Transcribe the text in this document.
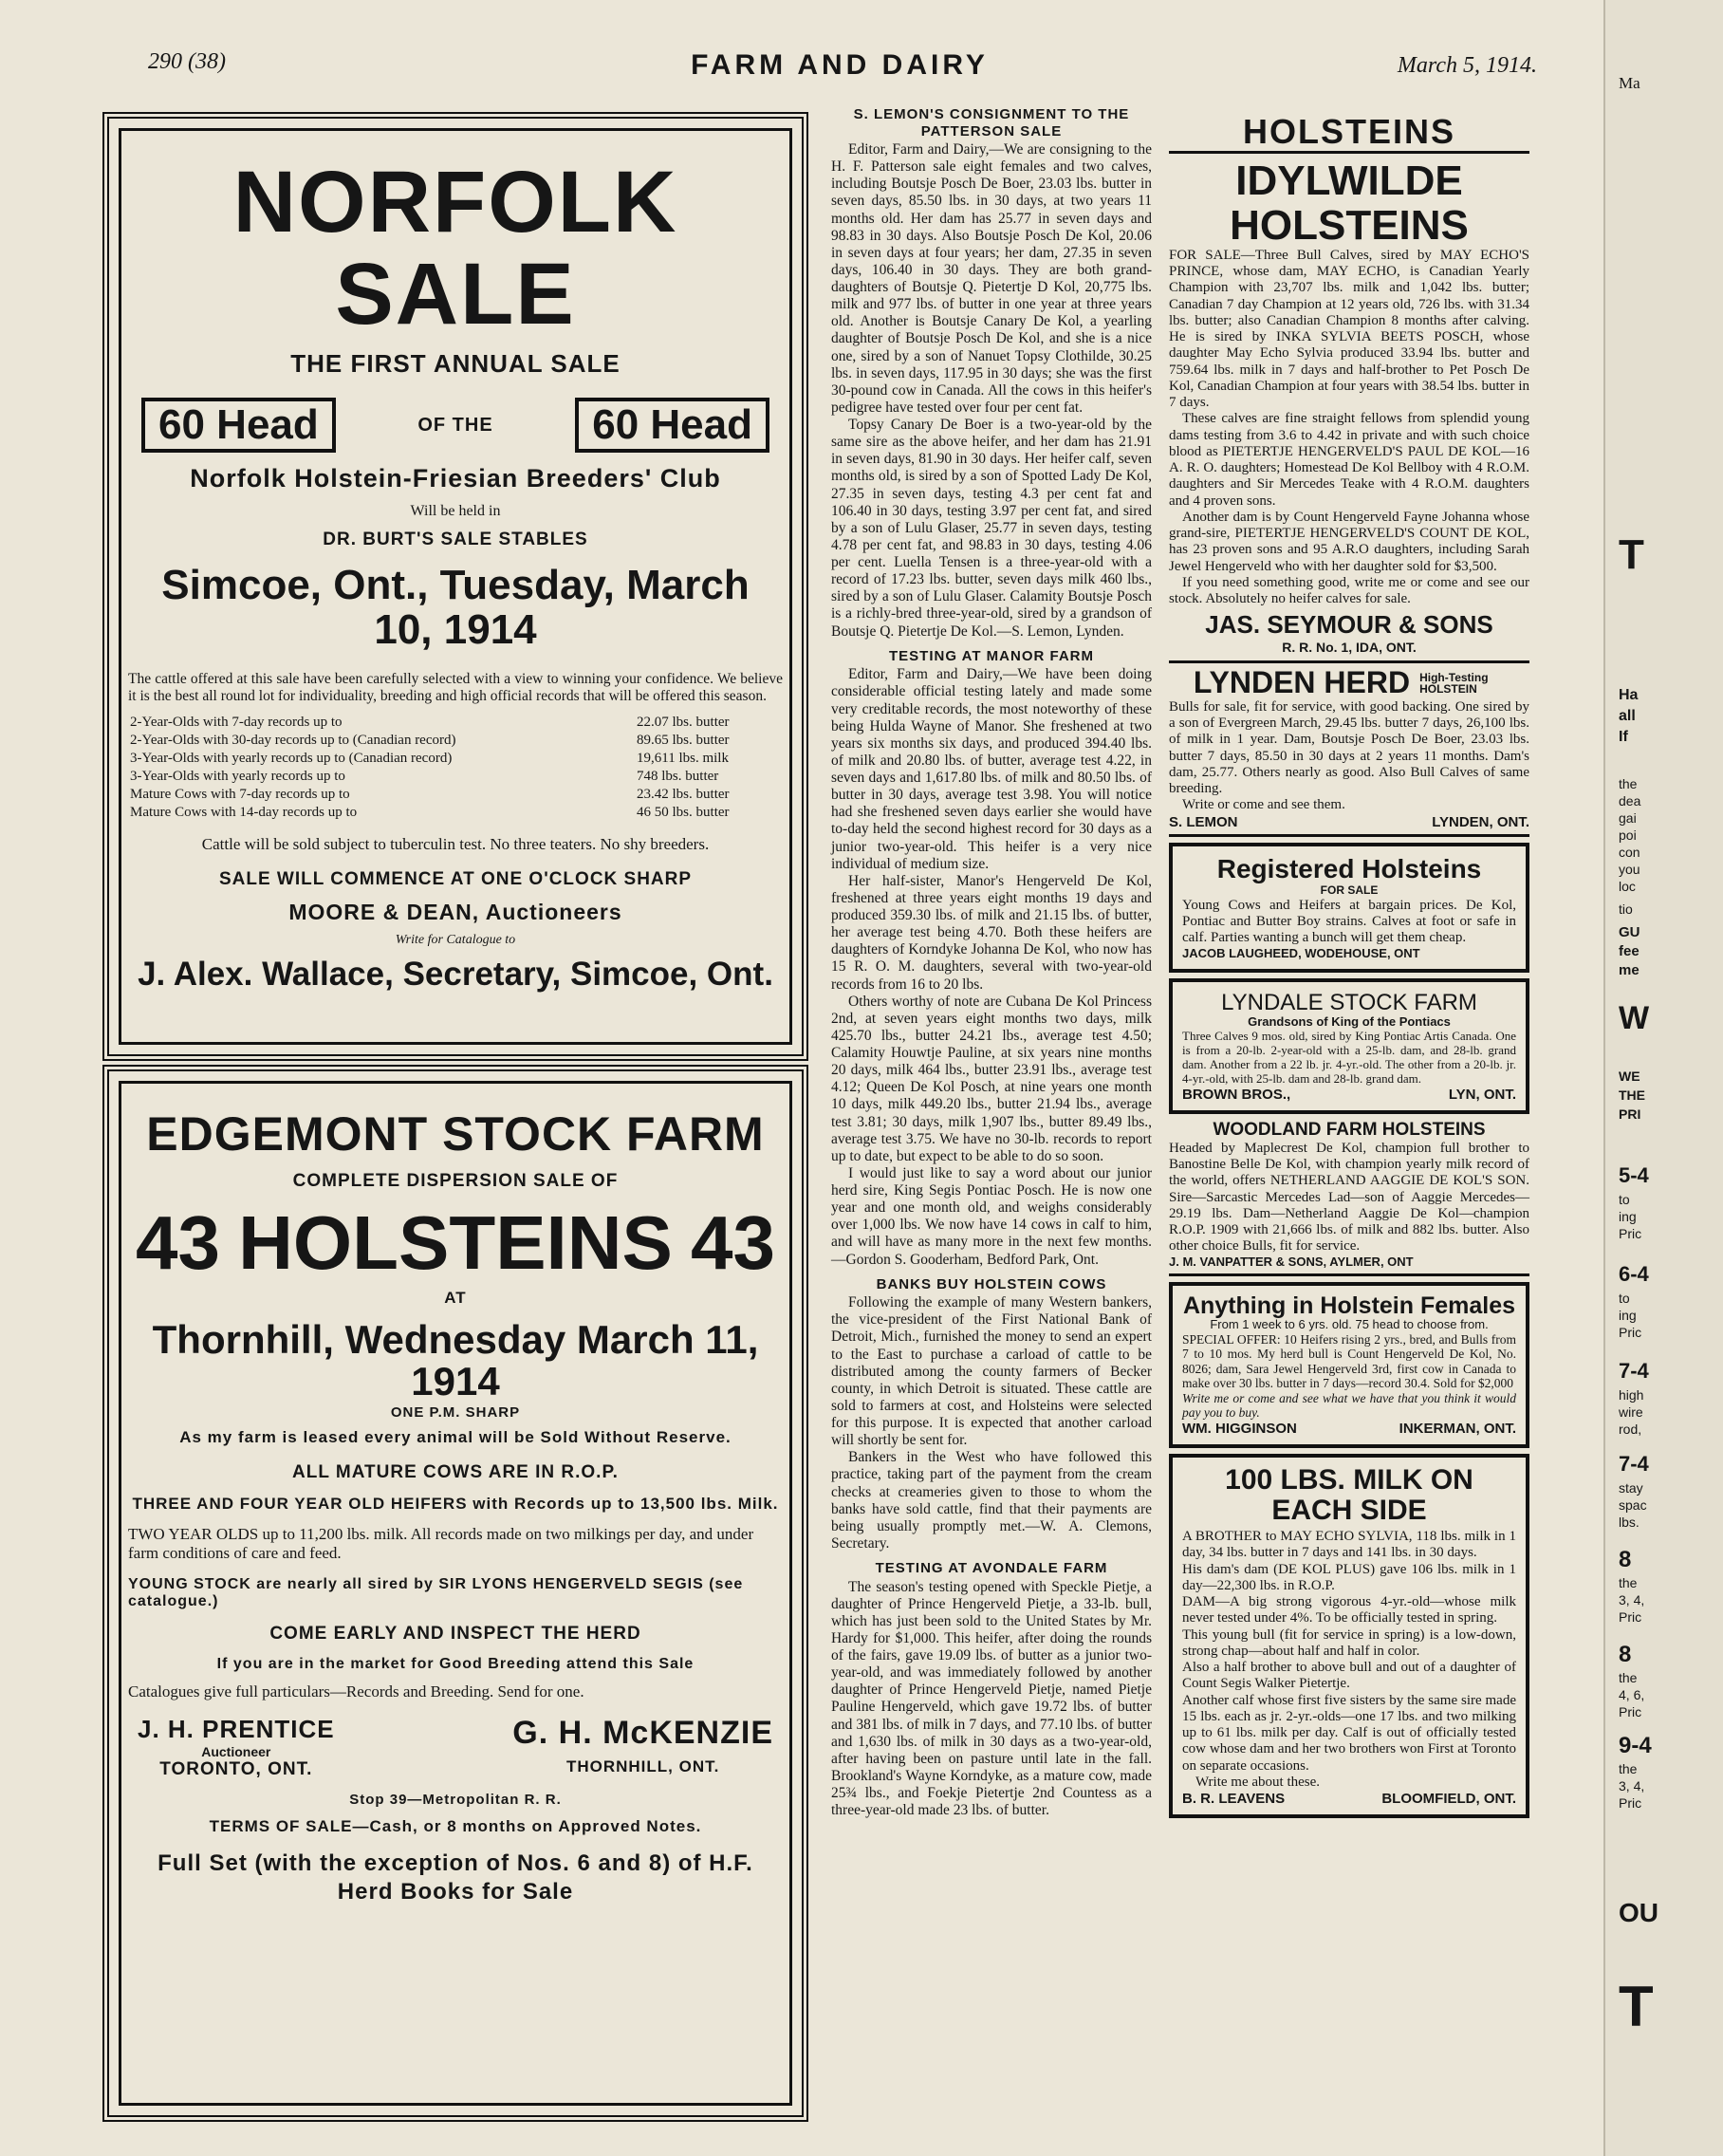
290 (38)	FARM AND DAIRY	March 5, 1914.

NORFOLK SALE

THE FIRST ANNUAL SALE

60 Head	OF THE	60 Head

Norfolk Holstein-Friesian Breeders' Club

Will be held in

DR. BURT'S SALE STABLES

Simcoe, Ont., Tuesday, March 10, 1914

The cattle offered at this sale have been carefully selected with a view to winning your confidence. We believe it is the best all round lot for individuality, breeding and high official records that will be offered this season.

2-Year-Olds with 7-day records up to	22.07 lbs. butter
2-Year-Olds with 30-day records up to (Canadian record)	89.65 lbs. butter
3-Year-Olds with yearly records up to (Canadian record)	19,611 lbs. milk
3-Year-Olds with yearly records up to	748 lbs. butter
Mature Cows with 7-day records up to	23.42 lbs. butter
Mature Cows with 14-day records up to	46 50 lbs. butter

Cattle will be sold subject to tuberculin test. No three teaters. No shy breeders.

SALE WILL COMMENCE AT ONE O'CLOCK SHARP

MOORE & DEAN, Auctioneers

Write for Catalogue to

J. Alex. Wallace, Secretary, Simcoe, Ont.

EDGEMONT STOCK FARM

COMPLETE DISPERSION SALE OF

43 HOLSTEINS 43

AT

Thornhill, Wednesday March 11, 1914

ONE P.M. SHARP

As my farm is leased every animal will be Sold Without Reserve.

ALL MATURE COWS ARE IN R.O.P.

THREE AND FOUR YEAR OLD HEIFERS with Records up to 13,500 lbs. Milk.

TWO YEAR OLDS up to 11,200 lbs. milk. All records made on two milkings per day, and under farm conditions of care and feed.

YOUNG STOCK are nearly all sired by SIR LYONS HENGERVELD SEGIS (see catalogue.)

COME EARLY AND INSPECT THE HERD

If you are in the market for Good Breeding attend this Sale

Catalogues give full particulars—Records and Breeding. Send for one.

J. H. PRENTICE

Auctioneer

TORONTO, ONT.

G. H. McKENZIE

THORNHILL, ONT.

Stop 39—Metropolitan R. R.

TERMS OF SALE—Cash, or 8 months on Approved Notes.

Full Set (with the exception of Nos. 6 and 8) of H.F. Herd Books for Sale

S. LEMON'S CONSIGNMENT TO THE PATTERSON SALE

Editor, Farm and Dairy,—We are consigning to the H. F. Patterson sale eight females and two calves, including Boutsje Posch De Boer, 23.03 lbs. butter in seven days, 85.50 lbs. in 30 days, at two years 11 months old. Her dam has 25.77 in seven days and 98.83 in 30 days. Also Boutsje Posch De Kol, 20.06 in seven days at four years; her dam, 27.35 in seven days, 106.40 in 30 days. They are both grand-daughters of Boutsje Q. Pietertje D Kol, 20,775 lbs. milk and 977 lbs. of butter in one year at three years old. Another is Boutsje Canary De Kol, a yearling daughter of Boutsje Posch De Kol, and she is a nice one, sired by a son of Nanuet Topsy Clothilde, 30.25 lbs. in seven days, 117.95 in 30 days; she was the first 30-pound cow in Canada. All the cows in this heifer's pedigree have tested over four per cent fat.

Topsy Canary De Boer is a two-year-old by the same sire as the above heifer, and her dam has 21.91 in seven days, 81.90 in 30 days. Her heifer calf, seven months old, is sired by a son of Spotted Lady De Kol, 27.35 in seven days, testing 4.3 per cent fat and 106.40 in 30 days, testing 3.97 per cent fat, and sired by a son of Lulu Glaser, 25.77 in seven days, testing 4.78 per cent fat, and 98.83 in 30 days, testing 4.06 per cent. Luella Tensen is a three-year-old with a record of 17.23 lbs. butter, seven days milk 460 lbs., sired by a son of Lulu Glaser. Calamity Boutsje Posch is a richly-bred three-year-old, sired by a grandson of Boutsje Q. Pietertje De Kol.—S. Lemon, Lynden.

TESTING AT MANOR FARM

Editor, Farm and Dairy,—We have been doing considerable official testing lately and made some very creditable records, the most noteworthy of these being Hulda Wayne of Manor. She freshened at two years six months six days, and produced 394.40 lbs. of milk and 20.80 lbs. of butter, average test 4.22, in seven days and 1,617.80 lbs. of milk and 80.50 lbs. of butter in 30 days, average test 3.98. You will notice had she freshened seven days earlier she would have to-day held the second highest record for 30 days as a junior two-year-old. This heifer is a very nice individual of medium size.

Her half-sister, Manor's Hengerveld De Kol, freshened at three years eight months 19 days and produced 359.30 lbs. of milk and 21.15 lbs. of butter, her average test being 4.70. Both these heifers are daughters of Korndyke Johanna De Kol, who now has 15 R. O. M. daughters, several with two-year-old records from 16 to 20 lbs.

Others worthy of note are Cubana De Kol Princess 2nd, at seven years eight months two days, milk 425.70 lbs., butter 24.21 lbs., average test 4.50; Calamity Houwtje Pauline, at six years nine months 20 days, milk 464 lbs., butter 23.91 lbs., average test 4.12; Queen De Kol Posch, at nine years one month 10 days, milk 449.20 lbs., butter 21.94 lbs., average test 3.81; 30 days, milk 1,907 lbs., butter 89.49 lbs., average test 3.75. We have no 30-lb. records to report up to date, but expect to be able to do so soon.

I would just like to say a word about our junior herd sire, King Segis Pontiac Posch. He is now one year and one month old, and weighs considerably over 1,000 lbs. We now have 14 cows in calf to him, and will have as many more in the next few months.—Gordon S. Gooderham, Bedford Park, Ont.

BANKS BUY HOLSTEIN COWS

Following the example of many Western bankers, the vice-president of the First National Bank of Detroit, Mich., furnished the money to send an expert to the East to purchase a carload of cattle to be distributed among the county farmers of Becker county, in which Detroit is situated. These cattle are sold to farmers at cost, and Holsteins were selected for this purpose. It is expected that another carload will shortly be sent for.

Bankers in the West who have followed this practice, taking part of the payment from the cream checks at creameries given to those to whom the banks have sold cattle, find that their payments are being usually promptly met.—W. A. Clemons, Secretary.

TESTING AT AVONDALE FARM

The season's testing opened with Speckle Pietje, a daughter of Prince Hengerveld Pietje, a 33-lb. bull, which has just been sold to the United States by Mr. Hardy for $1,000. This heifer, after doing the rounds of the fairs, gave 19.09 lbs. of butter as a junior two-year-old, and was immediately followed by another daughter of Prince Hengerveld Pietje, named Pietje Pauline Hengerveld, which gave 19.72 lbs. of butter and 381 lbs. of milk in 7 days, and 77.10 lbs. of butter and 1,630 lbs. of milk in 30 days as a two-year-old, after having been on pasture until late in the fall. Brookland's Wayne Korndyke, as a mature cow, made 25¾ lbs., and Foekje Pietertje 2nd Countess as a three-year-old made 23 lbs. of butter.

HOLSTEINS

IDYLWILDE HOLSTEINS

FOR SALE—Three Bull Calves, sired by MAY ECHO'S PRINCE, whose dam, MAY ECHO, is Canadian Yearly Champion with 23,707 lbs. milk and 1,042 lbs. butter; Canadian 7 day Champion at 12 years old, 726 lbs. with 31.34 lbs. butter; also Canadian Champion 8 months after calving. He is sired by INKA SYLVIA BEETS POSCH, whose daughter May Echo Sylvia produced 33.94 lbs. butter and 759.64 lbs. milk in 7 days and half-brother to Pet Posch De Kol, Canadian Champion at four years with 38.54 lbs. butter in 7 days.

These calves are fine straight fellows from splendid young dams testing from 3.6 to 4.42 in private and with such choice blood as PIETERTJE HENGERVELD'S PAUL DE KOL—16 A. R. O. daughters; Homestead De Kol Bellboy with 4 R.O.M. daughters and Sir Mercedes Teake with 4 R.O.M. daughters and 4 proven sons.

Another dam is by Count Hengerveld Fayne Johanna whose grand-sire, PIETERTJE HENGERVELD'S COUNT DE KOL, has 23 proven sons and 95 A.R.O daughters, including Sarah Jewel Hengerveld who with her daughter sold for $3,500.

If you need something good, write me or come and see our stock. Absolutely no heifer calves for sale.

JAS. SEYMOUR & SONS

R. R. No. 1, IDA, ONT.

LYNDEN HERD High-Testing HOLSTEIN

Bulls for sale, fit for service, with good backing. One sired by a son of Evergreen March, 29.45 lbs. butter 7 days, 26,100 lbs. of milk in 1 year. Dam, Boutsje Posch De Boer, 23.03 lbs. butter 7 days, 85.50 in 30 days at 2 years 11 months. Dam's dam, 25.77. Others nearly as good. Also Bull Calves of same breeding.

Write or come and see them.

S. LEMON	LYNDEN, ONT.

Registered Holsteins

FOR SALE

Young Cows and Heifers at bargain prices. De Kol, Pontiac and Butter Boy strains. Calves at foot or safe in calf. Parties wanting a bunch will get them cheap.

JACOB LAUGHEED, WODEHOUSE, ONT

LYNDALE STOCK FARM

Grandsons of King of the Pontiacs

Three Calves 9 mos. old, sired by King Pontiac Artis Canada. One is from a 20-lb. 2-year-old with a 25-lb. dam, and 28-lb. grand dam. Another from a 22 lb. jr. 4-yr.-old. The other from a 20-lb. jr. 4-yr.-old, with 25-lb. dam and 28-lb. grand dam.

BROWN BROS.,	LYN, ONT.

WOODLAND FARM HOLSTEINS

Headed by Maplecrest De Kol, champion full brother to Banostine Belle De Kol, with champion yearly milk record of the world, offers NETHERLAND AAGGIE DE KOL'S SON. Sire—Sarcastic Mercedes Lad—son of Aaggie Mercedes—29.19 lbs. Dam—Netherland Aaggie De Kol—champion R.O.P. 1909 with 21,666 lbs. of milk and 882 lbs. butter. Also other choice Bulls, fit for service.

J. M. VANPATTER & SONS, AYLMER, ONT

Anything in Holstein Females

From 1 week to 6 yrs. old. 75 head to choose from.

SPECIAL OFFER: 10 Heifers rising 2 yrs., bred, and Bulls from 7 to 10 mos. My herd bull is Count Hengerveld De Kol, No. 8026; dam, Sara Jewel Hengerveld 3rd, first cow in Canada to make over 30 lbs. butter in 7 days—record 30.4. Sold for $2,000

Write me or come and see what we have that you think it would pay you to buy.

WM. HIGGINSON	INKERMAN, ONT.

100 LBS. MILK ON EACH SIDE

A BROTHER to MAY ECHO SYLVIA, 118 lbs. milk in 1 day, 34 lbs. butter in 7 days and 141 lbs. in 30 days.

His dam's dam (DE KOL PLUS) gave 106 lbs. milk in 1 day—22,300 lbs. in R.O.P.

DAM—A big strong vigorous 4-yr.-old—whose milk never tested under 4%. To be officially tested in spring.

This young bull (fit for service in spring) is a low-down, strong chap—about half and half in color.

Also a half brother to above bull and out of a daughter of Count Segis Walker Pietertje.

Another calf whose first five sisters by the same sire made 15 lbs. each as jr. 2-yr.-olds—one 17 lbs. and two milking up to 61 lbs. milk per day. Calf is out of officially tested cow whose dam and her two brothers won First at Toronto on separate occasions.

Write me about these.

B. R. LEAVENS	BLOOMFIELD, ONT.
Ma
T
Ha
all
If
the
dea
gai
poi
con
you
loc
tio
GU
fee
me
W
WE
THE
PRI
5-4
to
ing
Pric
6-4
to
ing
Pric
7-4
high
wire
rod,
7-4
stay
spac
lbs.
8
the
3, 4,
Pric
8
the
4, 6,
Pric
9-4
the
3, 4,
Pric
OU
T
